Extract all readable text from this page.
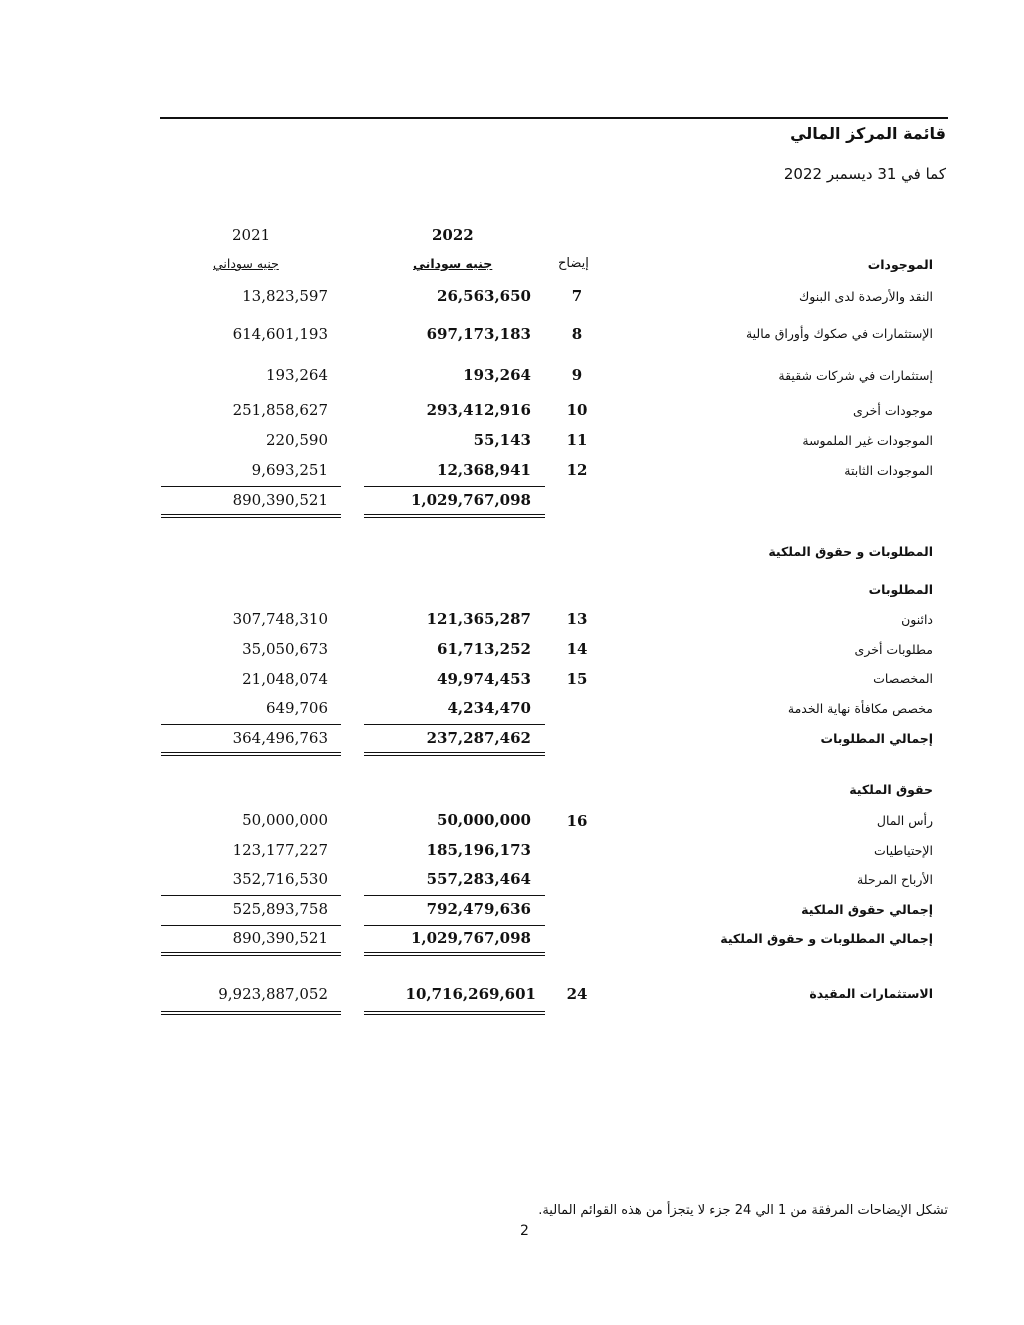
قائمة المركز المالي
كما في 31 ديسمبر 2022
2022
2021
جنيه سوداني
جنيه سوداني	إيضاح	الموجودات
النقد والأرصدة لدى البنوك
7
26,563,650
13,823,597
الإستثمارات في صكوك وأوراق مالية
8
697,173,183
614,601,193
إستثمارات في شركات شقيقة
9
193,264
193,264
موجودات أخرى
10
293,412,916
251,858,627
الموجودات غير الملموسة
11
55,143
220,590
الموجودات الثابتة
12
12,368,941
9,693,251
1,029,767,098
890,390,521
المطلوبات و حقوق الملكية
المطلوبات
دائنون
13
121,365,287
307,748,310
مطلوبات أخرى
14
61,713,252
35,050,673
المخصصات
15
49,974,453
21,048,074
مخصص مكافأة نهاية الخدمة
4,234,470
649,706
إجمالي المطلوبات
237,287,462
364,496,763
حقوق الملكية
رأس المال
16
50,000,000
50,000,000
الإحتياطيات
185,196,173
123,177,227
الأرباح المرحلة
557,283,464
352,716,530
إجمالي حقوق الملكية
792,479,636
525,893,758
إجمالي المطلوبات و حقوق الملكية
1,029,767,098
890,390,521
الاستثمارات المقيدة
24
10,716,269,601
9,923,887,052
تشكل الإيضاحات المرفقة من 1 الي 24 جزء لا يتجزأ من هذه القوائم المالية.
2
